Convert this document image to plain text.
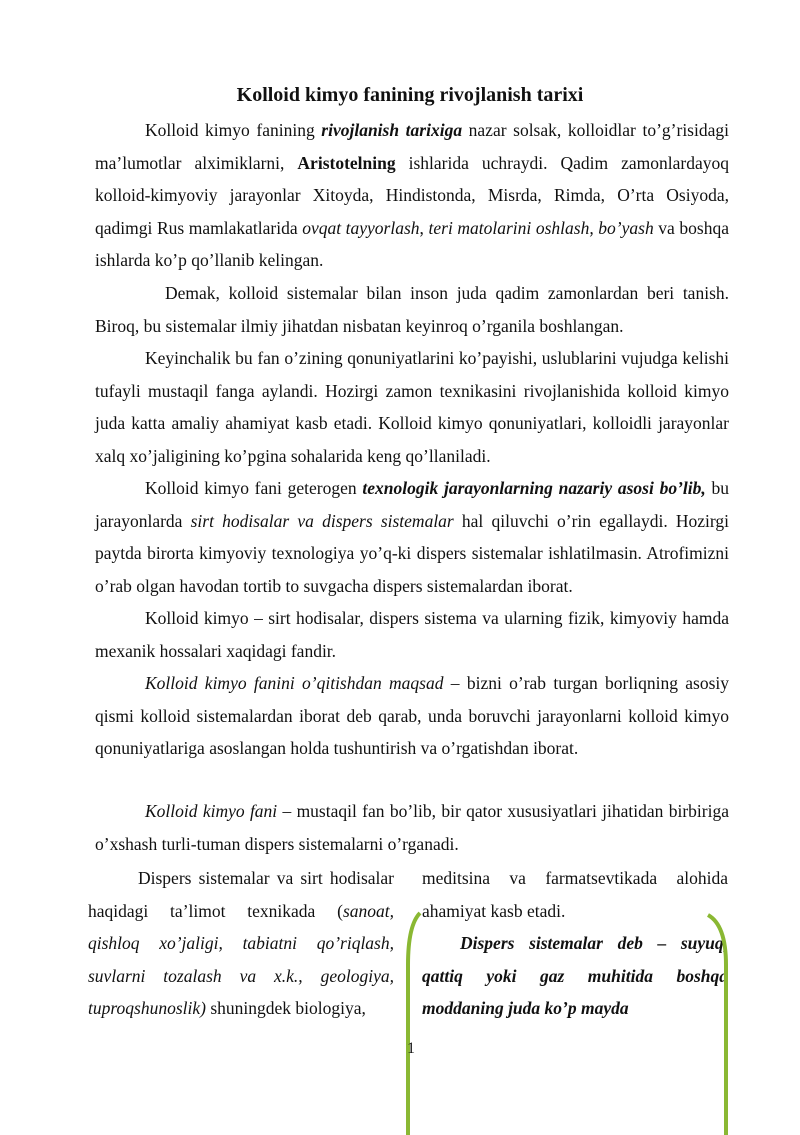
Kolloid kimyo fanining rivojlanish tarixi

Kolloid kimyo fanining rivojlanish tarixiga nazar solsak, kolloidlar to’g’risidagi ma’lumotlar alximiklarni, Aristotelning ishlarida uchraydi. Qadim zamonlardayoq kolloid-kimyoviy jarayonlar Xitoyda, Hindistonda, Misrda, Rimda, O’rta Osiyoda, qadimgi Rus mamlakatlarida ovqat tayyorlash, teri matolarini oshlash, bo’yash va boshqa ishlarda ko’p qo’llanib kelingan.

Demak, kolloid sistemalar bilan inson juda qadim zamonlardan beri tanish. Biroq, bu sistemalar ilmiy jihatdan nisbatan keyinroq o’rganila boshlangan.

Keyinchalik bu fan o’zining qonuniyatlarini ko’payishi, uslublarini vujudga kelishi tufayli mustaqil fanga aylandi. Hozirgi zamon texnikasini rivojlanishida kolloid kimyo juda katta amaliy ahamiyat kasb etadi. Kolloid kimyo qonuniyatlari, kolloidli jarayonlar xalq xo’jaligining ko’pgina sohalarida keng qo’llaniladi.

Kolloid kimyo fani geterogen texnologik jarayonlarning nazariy asosi bo’lib, bu jarayonlarda sirt hodisalar va dispers sistemalar hal qiluvchi o’rin egallaydi. Hozirgi paytda birorta kimyoviy texnologiya yo’q-ki dispers sistemalar ishlatilmasin. Atrofimizni o’rab olgan havodan tortib to suvgacha dispers sistemalardan iborat.

Kolloid kimyo – sirt hodisalar, dispers sistema va ularning fizik, kimyoviy hamda mexanik hossalari xaqidagi fandir.

Kolloid kimyo fanini o’qitishdan maqsad – bizni o’rab turgan borliqning asosiy qismi kolloid sistemalardan iborat deb qarab, unda boruvchi jarayonlarni kolloid kimyo qonuniyatlariga asoslangan holda tushuntirish va o’rgatishdan iborat.

Kolloid kimyo fani – mustaqil fan bo’lib, bir qator xususiyatlari jihatidan birbiriga o’xshash turli-tuman dispers sistemalarni o’rganadi.

Dispers sistemalar va sirt hodisalar haqidagi ta’limot texnikada (sanoat, qishloq xo’jaligi, tabiatni qo’riqlash, suvlarni tozalash va x.k., geologiya, tuproqshunoslik) shuningdek biologiya,

meditsina va farmatsevtikada alohida ahamiyat kasb etadi.

Dispers sistemalar deb – suyuq, qattiq yoki gaz muhitida boshqa moddaning juda ko’p mayda

1
